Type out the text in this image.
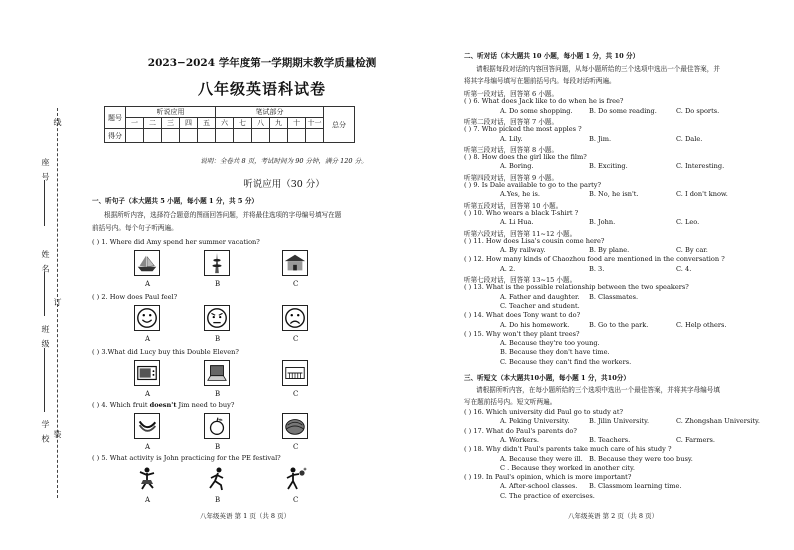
线
订
装
座 号
姓 名
班 级
学 校
2023−2024 学年度第一学期期末教学质量检测
八年级英语科试卷
题号	听说应用					笔试部分						总分
	一	二	三	四	五	六	七	八	九	十	十一	
得分												
说明：全卷共 8 页，考试时间为 90 分钟，满分 120 分。
听说应用（30 分）
一、听句子（本大题共 5 小题，每小题 1 分，共 5 分）
根据所听内容，选择符合题意的图画回答问题，并将最佳选项的字母编号填写在题
前括号内。每个句子听两遍。
( ) 1. Where did Amy spend her summer vacation?
A	B	C
( ) 2. How does Paul feel?
A	B	C
( ) 3.What did Lucy buy this Double Eleven?
A	B	C
( ) 4. Which fruit doesn't Jim need to buy?
A	B	C
( ) 5. What activity is John practicing for the PE festival?
A	B	C
八年级英语 第 1 页（共 8 页）
二、听对话（本大题共 10 小题，每小题 1 分，共 10 分）
请根据每段对话的内容回答问题，从每小题所给的三个选项中选出一个最佳答案，并
将其字母编号填写在题前括号内。每段对话听两遍。
听第一段对话，回答第 6 小题。
( ) 6. What does Jack like to do when he is free?
A. Do some shopping. B. Do some reading.	C. Do sports.
听第二段对话，回答第 7 小题。
( ) 7. Who picked the most apples ?
A. Lily.	B. Jim.	C. Dale.
听第三段对话，回答第 8 小题。
( ) 8. How does the girl like the film?
A. Boring.	B. Exciting.	C. Interesting.
听第四段对话，回答第 9 小题。
( ) 9. Is Dale available to go to the party?
A.Yes, he is.	B. No, he isn't.	C. I don't know.
听第五段对话，回答第 10 小题。
( ) 10. Who wears a black T-shirt ?
A. Li Hua.	B. John.	C. Leo.
听第六段对话，回答第 11~12 小题。
( ) 11. How does Lisa's cousin come here?
A. By railway.	B. By plane.	C. By car.
( ) 12. How many kinds of Chaozhou food are mentioned in the conversation ?
A. 2.	B. 3.	C. 4.
听第七段对话，回答第 13~15 小题。
( ) 13. What is the possible relationship between the two speakers?
A. Father and daughter. B. Classmates.
C. Teacher and student.
( ) 14. What does Tony want to do?
A. Do his homework.	B. Go to the park.	C. Help others.
( ) 15. Why won't they plant trees?
A. Because they're too young.
B. Because they don't have time.
C. Because they can't find the workers.
三、听短文（本大题共10小题，每小题 1 分，共10分）
请根据所听内容，在每小题所给的三个选项中选出一个最佳答案，并将其字母编号填
写在题前括号内。短文听两遍。
( ) 16. Which university did Paul go to study at?
A. Peking University.	B. Jilin University.	C. Zhongshan University.
( ) 17. What do Paul's parents do?
A. Workers.	B. Teachers.	C. Farmers.
( ) 18. Why didn't Paul's parents take much care of his study ?
A. Because they were ill. B. Because they were too busy.
C . Because they worked in another city.
( ) 19. In Paul's opinion, which is more important?
A. After-school classes. B. Classmom learning time.
C. The practice of exercises.
八年级英语 第 2 页（共 8 页）
